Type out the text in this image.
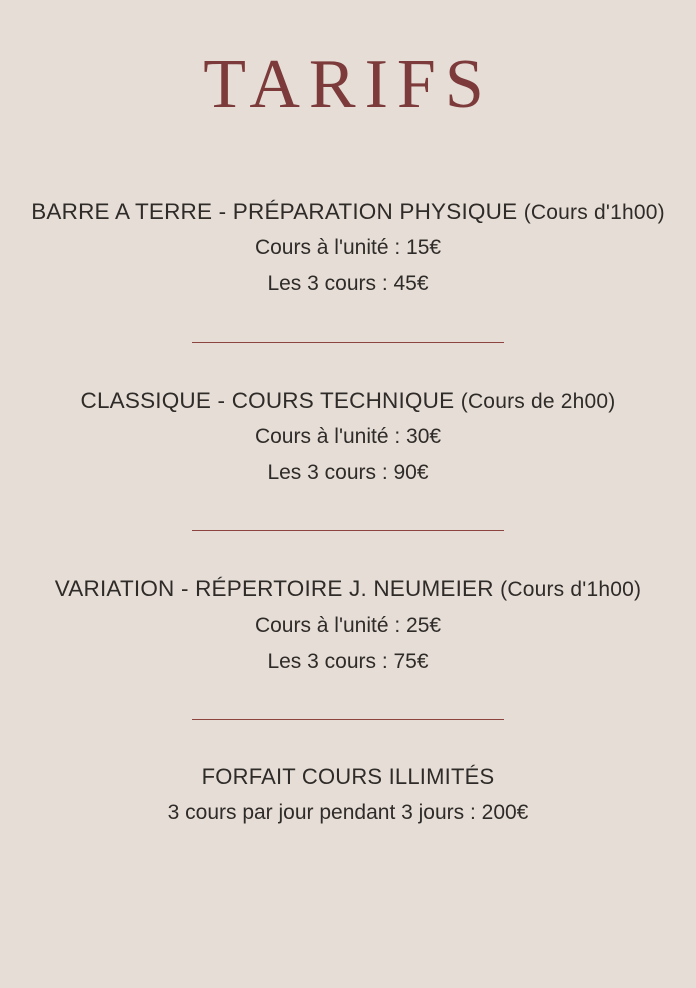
TARIFS
BARRE A TERRE - PRÉPARATION PHYSIQUE (Cours d'1h00)
Cours à l'unité : 15€
Les 3 cours : 45€
CLASSIQUE - COURS TECHNIQUE (Cours de 2h00)
Cours à l'unité : 30€
Les 3 cours : 90€
VARIATION - RÉPERTOIRE J. NEUMEIER (Cours d'1h00)
Cours à l'unité : 25€
Les 3 cours : 75€
FORFAIT COURS ILLIMITÉS
3 cours par jour pendant 3 jours : 200€
